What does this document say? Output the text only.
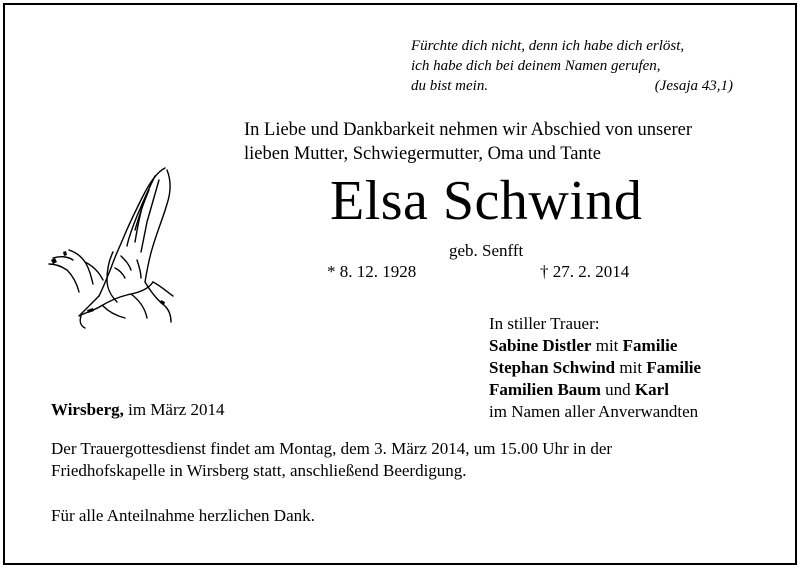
Fürchte dich nicht, denn ich habe dich erlöst,
ich habe dich bei deinem Namen gerufen,
du bist mein.	(Jesaja 43,1)
In Liebe und Dankbarkeit nehmen wir Abschied von unserer
lieben Mutter, Schwiegermutter, Oma und Tante
Elsa Schwind
geb. Senfft
* 8. 12. 1928	† 27. 2. 2014
In stiller Trauer:
Sabine Distler mit Familie
Stephan Schwind mit Familie
Familien Baum und Karl
im Namen aller Anverwandten
Wirsberg, im März 2014
Der Trauergottesdienst findet am Montag, dem 3. März 2014, um 15.00 Uhr in der
Friedhofskapelle in Wirsberg statt, anschließend Beerdigung.
Für alle Anteilnahme herzlichen Dank.
